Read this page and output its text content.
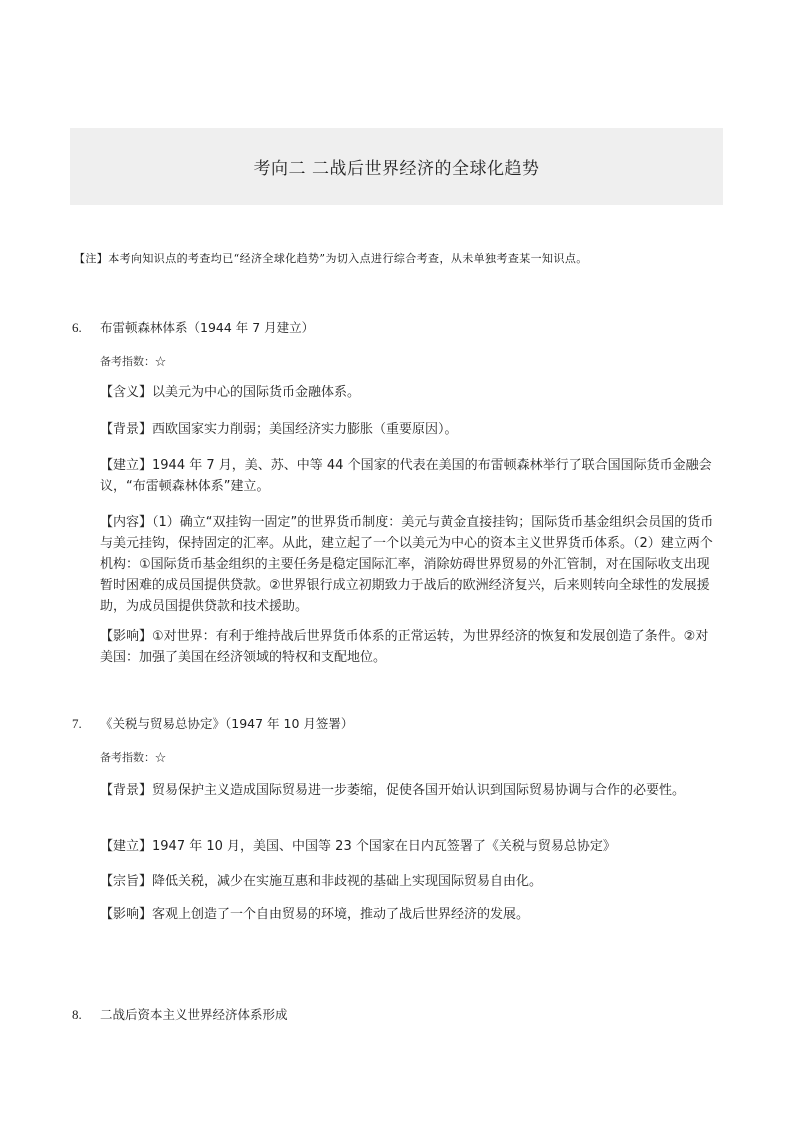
考向二 二战后世界经济的全球化趋势
【注】本考向知识点的考查均已“经济全球化趋势”为切入点进行综合考查，从未单独考查某一知识点。
6. 布雷顿森林体系（1944 年 7 月建立）
备考指数：☆
【含义】以美元为中心的国际货币金融体系。
【背景】西欧国家实力削弱；美国经济实力膨胀（重要原因）。
【建立】1944 年 7 月，美、苏、中等 44 个国家的代表在美国的布雷顿森林举行了联合国国际货币金融会议，“布雷顿森林体系”建立。
【内容】（1）确立“双挂钩一固定”的世界货币制度：美元与黄金直接挂钩；国际货币基金组织会员国的货币与美元挂钩，保持固定的汇率。从此，建立起了一个以美元为中心的资本主义世界货币体系。（2）建立两个机构：①国际货币基金组织的主要任务是稳定国际汇率，消除妨碍世界贸易的外汇管制，对在国际收支出现暂时困难的成员国提供贷款。②世界银行成立初期致力于战后的欧洲经济复兴，后来则转向全球性的发展援助，为成员国提供贷款和技术援助。
【影响】①对世界：有利于维持战后世界货币体系的正常运转，为世界经济的恢复和发展创造了条件。②对美国：加强了美国在经济领域的特权和支配地位。
7. 《关税与贸易总协定》（1947 年 10 月签署）
备考指数：☆
【背景】贸易保护主义造成国际贸易进一步萎缩，促使各国开始认识到国际贸易协调与合作的必要性。
【建立】1947 年 10 月，美国、中国等 23 个国家在日内瓦签署了《关税与贸易总协定》
【宗旨】降低关税，减少在实施互惠和非歧视的基础上实现国际贸易自由化。
【影响】客观上创造了一个自由贸易的环境，推动了战后世界经济的发展。
8. 二战后资本主义世界经济体系形成
